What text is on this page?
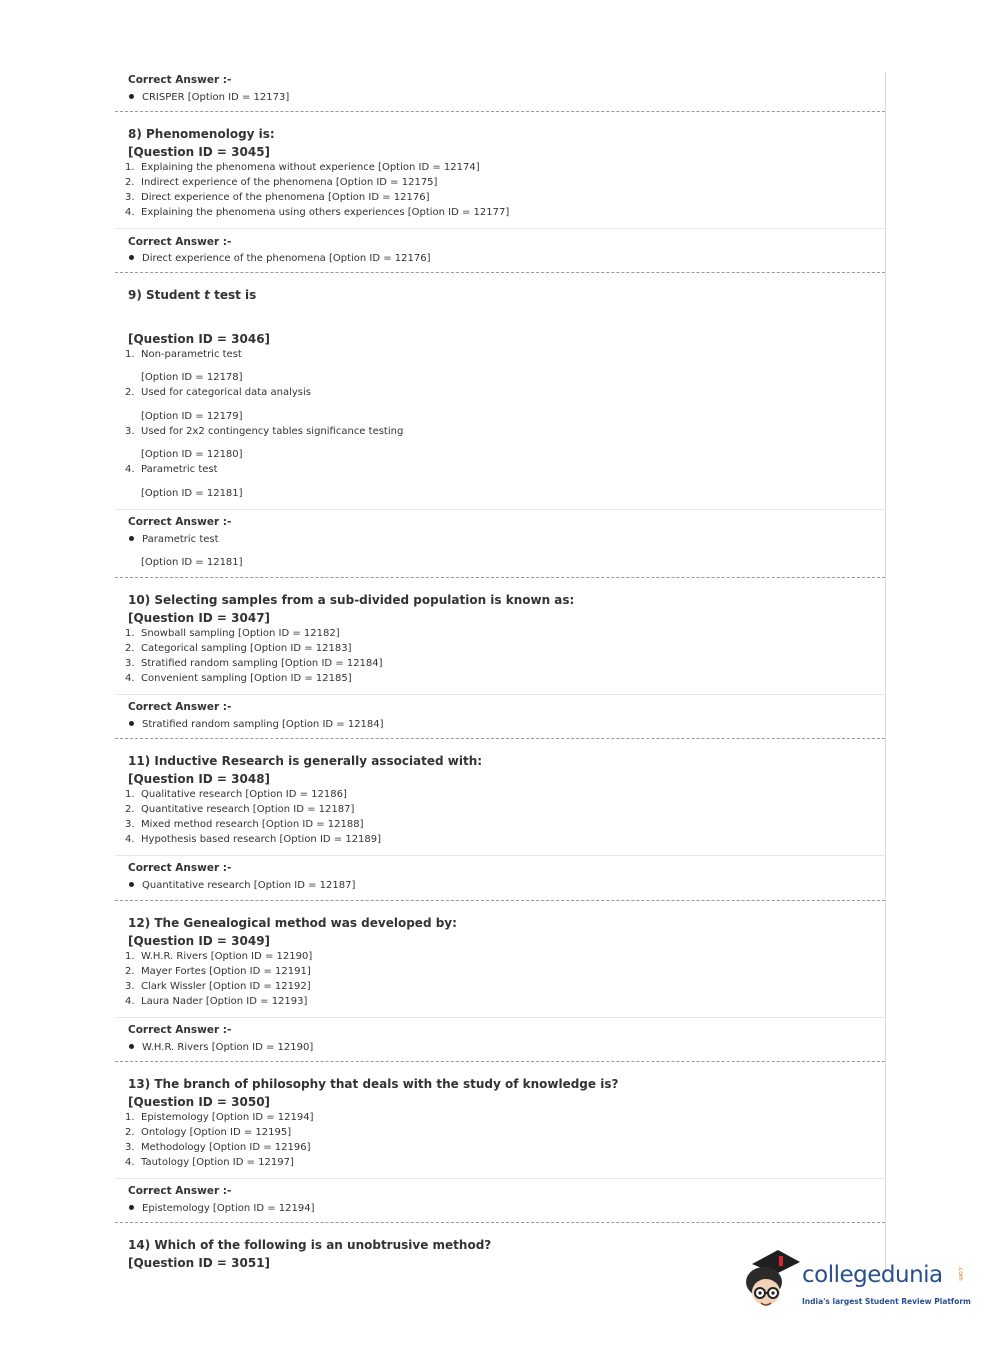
Correct Answer :-
CRISPER [Option ID = 12173]
8) Phenomenology is:
[Question ID = 3045]
1. Explaining the phenomena without experience [Option ID = 12174]
2. Indirect experience of the phenomena [Option ID = 12175]
3. Direct experience of the phenomena [Option ID = 12176]
4. Explaining the phenomena using others experiences [Option ID = 12177]
Correct Answer :-
Direct experience of the phenomena [Option ID = 12176]
9) Student t test is
[Question ID = 3046]
1. Non-parametric test
[Option ID = 12178]
2. Used for categorical data analysis
[Option ID = 12179]
3. Used for 2x2 contingency tables significance testing
[Option ID = 12180]
4. Parametric test
[Option ID = 12181]
Correct Answer :-
Parametric test
[Option ID = 12181]
10) Selecting samples from a sub-divided population is known as:
[Question ID = 3047]
1. Snowball sampling [Option ID = 12182]
2. Categorical sampling [Option ID = 12183]
3. Stratified random sampling [Option ID = 12184]
4. Convenient sampling [Option ID = 12185]
Correct Answer :-
Stratified random sampling [Option ID = 12184]
11) Inductive Research is generally associated with:
[Question ID = 3048]
1. Qualitative research [Option ID = 12186]
2. Quantitative research [Option ID = 12187]
3. Mixed method research [Option ID = 12188]
4. Hypothesis based research [Option ID = 12189]
Correct Answer :-
Quantitative research [Option ID = 12187]
12) The Genealogical method was developed by:
[Question ID = 3049]
1. W.H.R. Rivers [Option ID = 12190]
2. Mayer Fortes [Option ID = 12191]
3. Clark Wissler [Option ID = 12192]
4. Laura Nader [Option ID = 12193]
Correct Answer :-
W.H.R. Rivers [Option ID = 12190]
13) The branch of philosophy that deals with the study of knowledge is?
[Question ID = 3050]
1. Epistemology [Option ID = 12194]
2. Ontology [Option ID = 12195]
3. Methodology [Option ID = 12196]
4. Tautology [Option ID = 12197]
Correct Answer :-
Epistemology [Option ID = 12194]
14) Which of the following is an unobtrusive method?
[Question ID = 3051]	collegedunia .com
India's largest Student Review Platform
